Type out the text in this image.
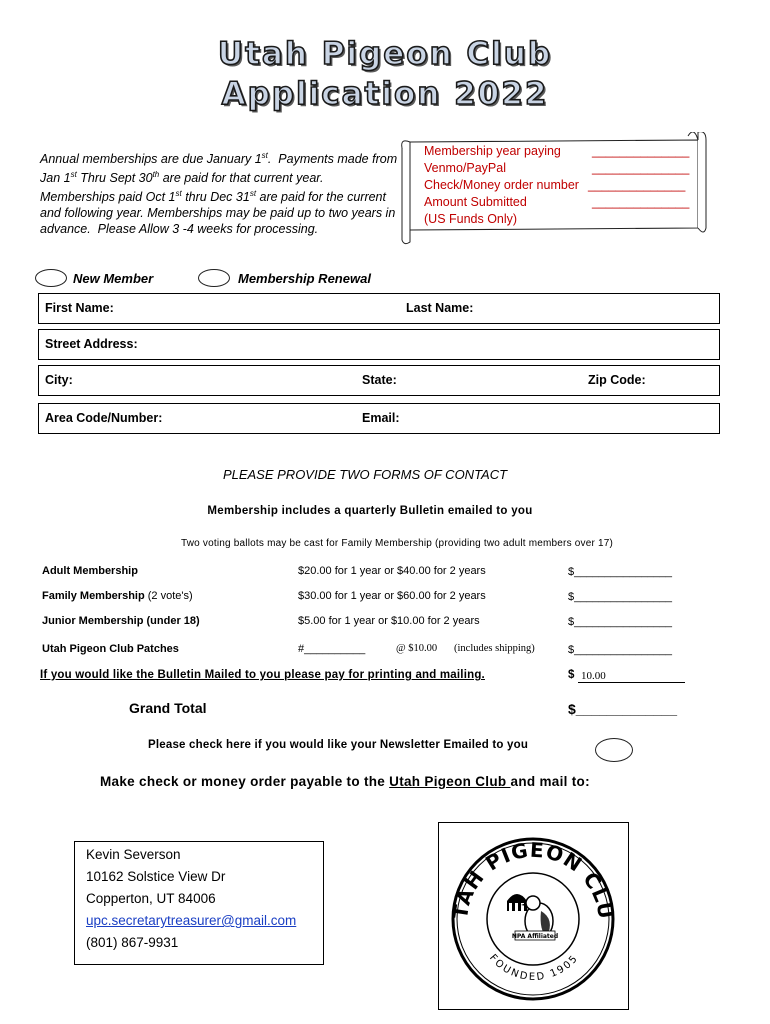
Utah Pigeon Club
Application 2022
Annual memberships are due January 1st.  Payments made from Jan 1st Thru Sept 30th are paid for that current year. Memberships paid Oct 1st thru Dec 31st are paid for the current and following year. Memberships may be paid up to two years in advance.  Please Allow 3 -4 weeks for processing.
Membership year paying ______________
Venmo/PayPal	______________
Check/Money order number ______________
Amount Submitted	______________
(US Funds Only)
New Member	Membership Renewal
First Name:	Last Name:
Street Address:
City:	State:	Zip Code:
Area Code/Number:	Email:
PLEASE PROVIDE TWO FORMS OF CONTACT
Membership includes a quarterly Bulletin emailed to you
Two voting ballots may be cast for Family Membership (providing two adult members over 17)
Adult Membership	$20.00 for 1 year or $40.00 for 2 years	$________________
Family Membership (2 vote's)	$30.00 for 1 year or $60.00 for 2 years	$________________
Junior Membership (under 18)	$5.00 for 1 year or $10.00 for 2 years	$________________
Utah Pigeon Club Patches	#__________	@ $10.00 (includes shipping)	$________________
If you would like the Bulletin Mailed to you please pay for printing and mailing.	$ 10.00
Grand Total	$_____________
Please check here if you would like your Newsletter Emailed to you
Make check or money order payable to the Utah Pigeon Club and mail to:
Kevin Severson
10162 Solstice View Dr
Copperton, UT 84006
upc.secretarytreasurer@gmail.com
(801) 867-9931
TAH PIGEON CLU
FOUNDED 1905
NPA Affiliated
